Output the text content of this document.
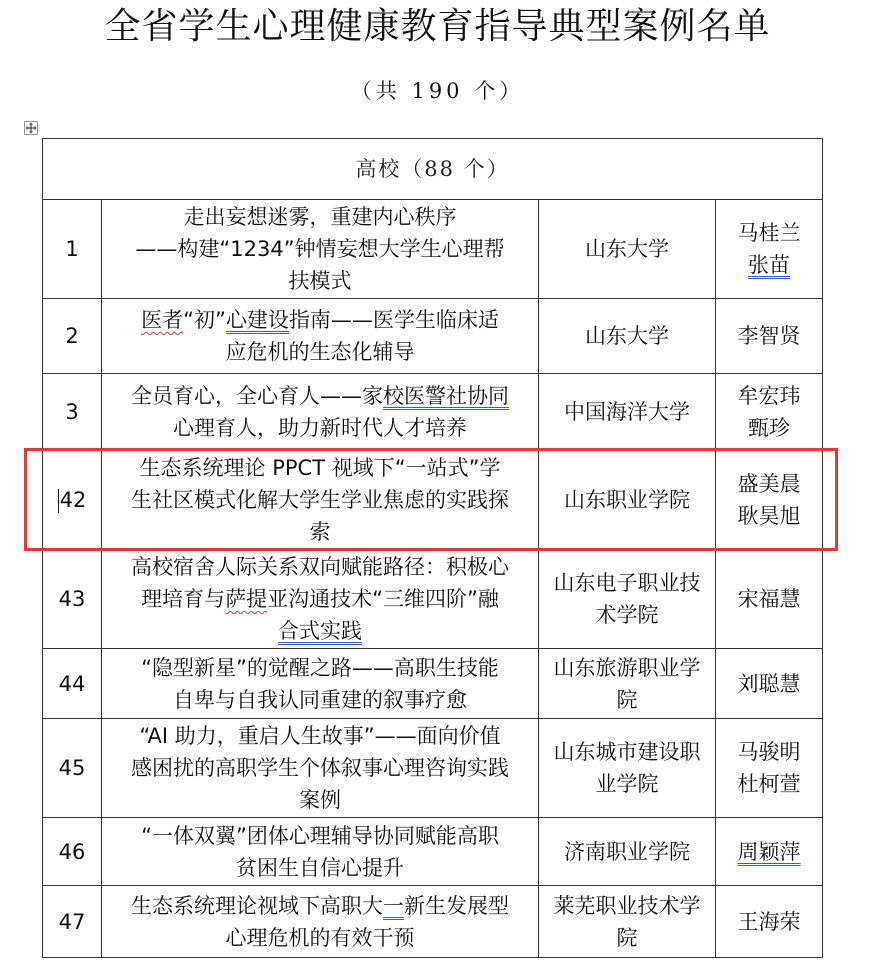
全省学生心理健康教育指导典型案例名单
（共 190 个）
高校（88 个）			
1	走出妄想迷雾，重建内心秩序
——构建“1234”钟情妄想大学生心理帮
扶模式	山东大学	马桂兰
张苗

2	医者“初”心建设指南——医学生临床适
应危机的生态化辅导	山东大学	李智贤

3	全员育心，全心育人——家校医警社协同
心理育人，助力新时代人才培养	中国海洋大学	牟宏玮
甄珍

42	生态系统理论 PPCT 视域下“一站式”学
生社区模式化解大学生学业焦虑的实践探
索	山东职业学院	盛美晨
耿昊旭

43	高校宿舍人际关系双向赋能路径：积极心
理培育与萨提亚沟通技术“三维四阶”融
合式实践	山东电子职业技
术学院	宋福慧

44	“隐型新星”的觉醒之路——高职生技能
自卑与自我认同重建的叙事疗愈	山东旅游职业学
院	刘聪慧

45	“AI 助力，重启人生故事”——面向价值
感困扰的高职学生个体叙事心理咨询实践
案例	山东城市建设职
业学院	马骏明
杜柯萱

46	“一体双翼”团体心理辅导协同赋能高职
贫困生自信心提升	济南职业学院	周颖萍

47	生态系统理论视域下高职大一新生发展型
心理危机的有效干预	莱芜职业技术学
院	王海荣
